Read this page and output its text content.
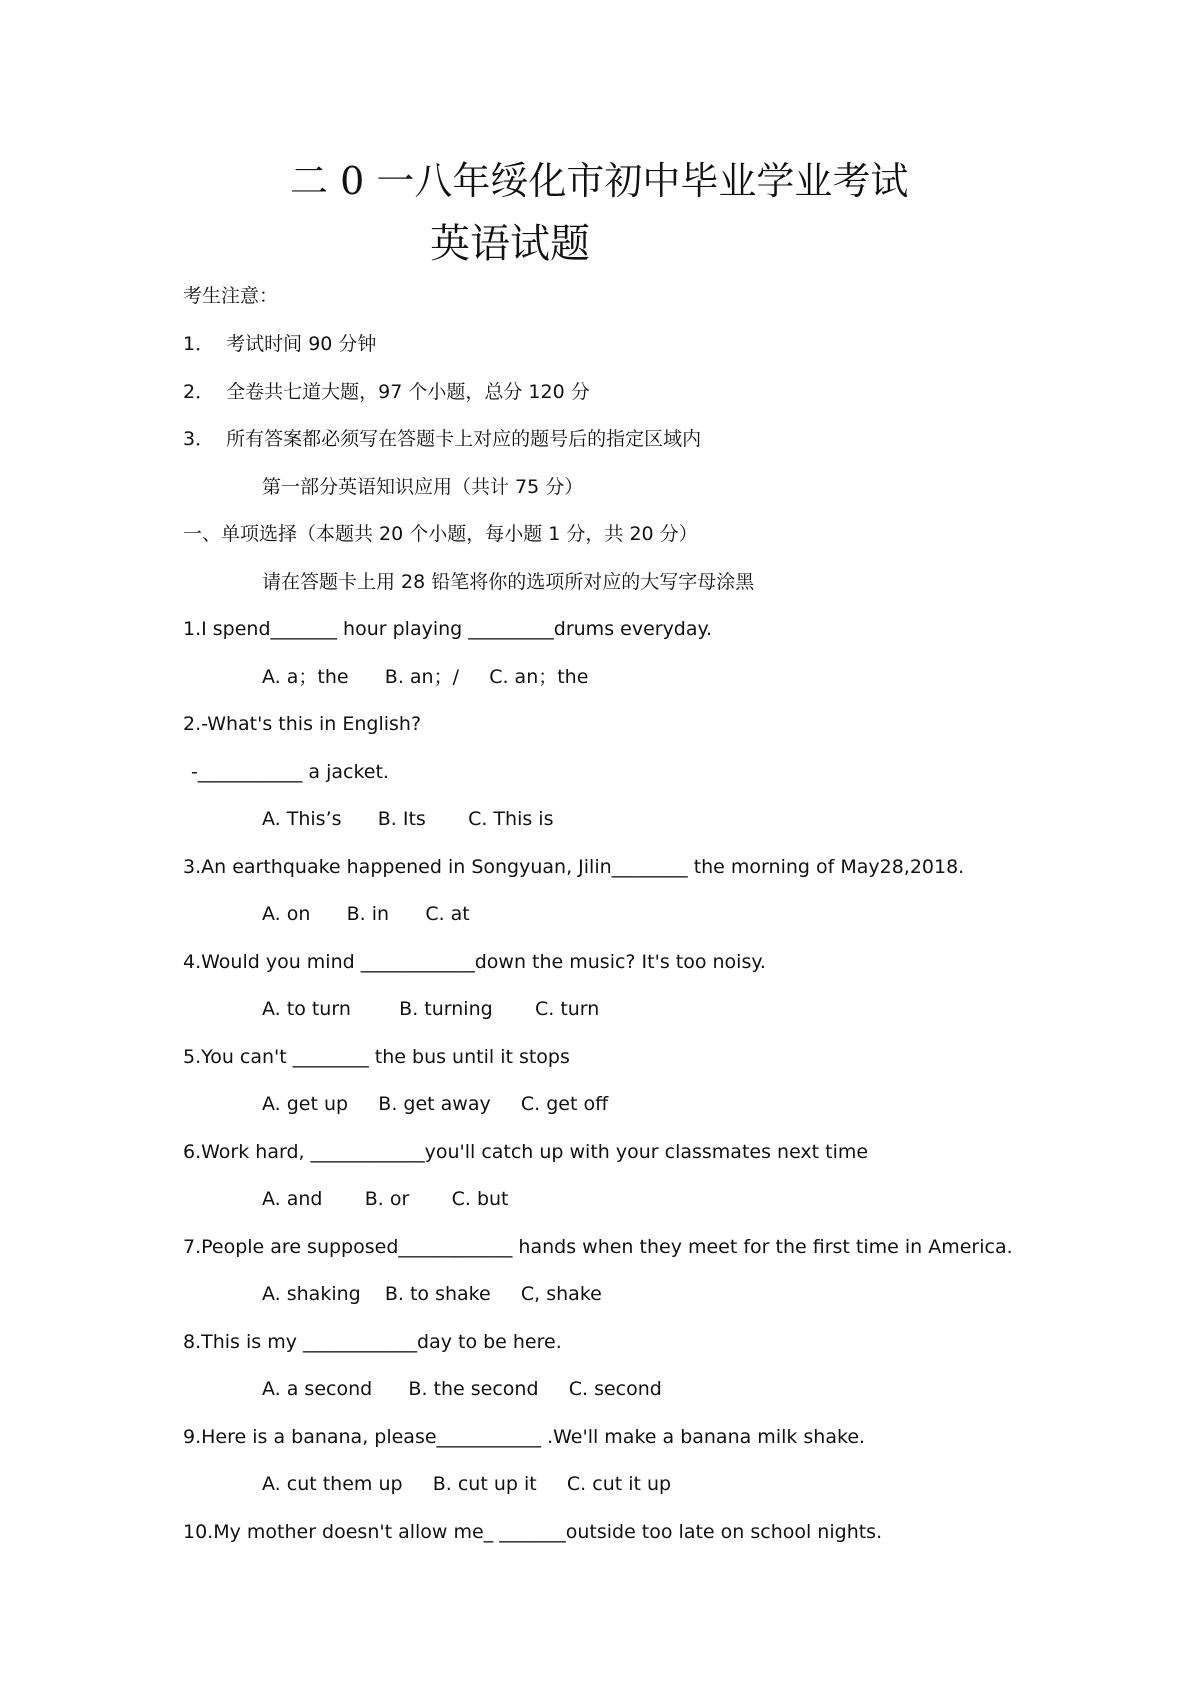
二 0 一八年绥化市初中毕业学业考试
英语试题
考生注意：
1．  考试时间 90 分钟
2．  全卷共七道大题，97 个小题，总分 120 分
3．  所有答案都必须写在答题卡上对应的题号后的指定区域内
第一部分英语知识应用（共计 75 分）
一、单项选择（本题共 20 个小题，每小题 1 分，共 20 分）
请在答题卡上用 28 铅笔将你的选项所对应的大写字母涂黑
1.I spend_______ hour playing _________drums everyday.
A. a；the      B. an；/     C. an；the
2.-What's this in English?
-___________ a jacket.
A. This’s      B. Its       C. This is
3.An earthquake happened in Songyuan, Jilin________ the morning of May28,2018.
A. on      B. in      C. at
4.Would you mind ____________down the music? It's too noisy.
A. to turn        B. turning       C. turn
5.You can't ________ the bus until it stops
A. get up     B. get away     C. get off
6.Work hard, ____________you'll catch up with your classmates next time
A. and       B. or       C. but
7.People are supposed____________ hands when they meet for the first time in America.
A. shaking    B. to shake     C, shake
8.This is my ____________day to be here.
A. a second      B. the second     C. second
9.Here is a banana, please___________ .We'll make a banana milk shake.
A. cut them up     B. cut up it     C. cut it up
10.My mother doesn't allow me_ _______outside too late on school nights.
